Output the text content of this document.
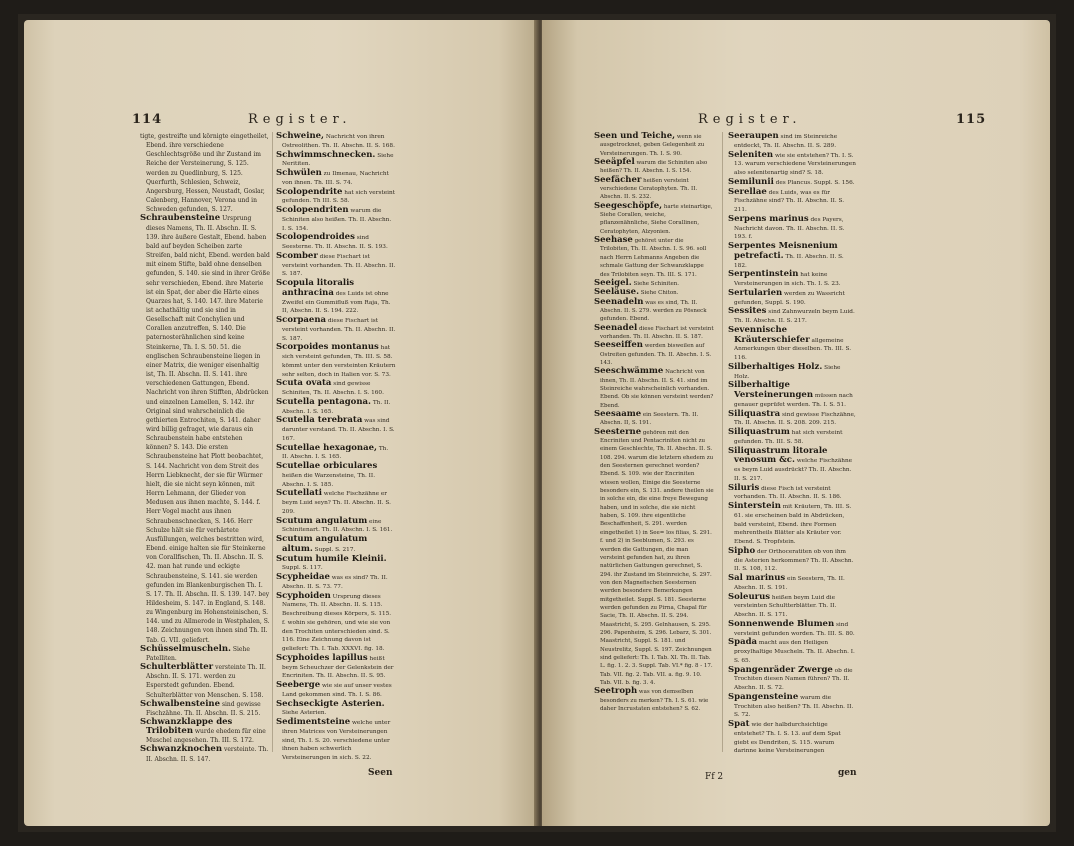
114	Register.

tigte, gestreifte und körnigte eingetheilet, Ebend. ihre verschiedene Geschlechtsgröße und ihr Zustand im Reiche der Versteinerung, S. 125. werden zu Quedlinburg, S. 125. Querfurth, Schlesien, Schweiz, Angersburg, Hessen, Neustadt, Goslar, Calenberg, Hannover, Verona und in Schweden gefunden, S. 127.

Schraubensteine Ursprung dieses Namens, Th. II. Abschn. II. S. 139. ihre äußere Gestalt, Ebend. haben bald auf beyden Scheiben zarte Streifen, bald nicht, Ebend. werden bald mit einem Stifte, bald ohne denselben gefunden, S. 140. sie sind in ihrer Größe sehr verschieden, Ebend. ihre Materie ist ein Spat, der aber die Härte eines Quarzes hat, S. 140. 147. ihre Materie ist achathältig und sie sind in Gesellschaft mit Conchylien und Corallen anzutreffen, S. 140. Die paternosterähnlichen sind keine Steinkerne, Th. I. S. 50. 51. die englischen Schraubensteine liegen in einer Matrix, die weniger eisenhaltig ist, Th. II. Abschn. II. S. 141. ihre verschiedenen Gattungen, Ebend. Nachricht von ihren Stifften, Abdrücken und einzelnen Lamellen, S. 142. ihr Original sind wahrscheinlich die gethierten Entrochiten, S. 141. daher wird billig gefraget, wie daraus ein Schraubenstein habe entstehen können? S. 143. Die ersten Schraubensteine hat Plott beobachtet, S. 144. Nachricht von dem Streit des Herrn Liebknecht, der sie für Würmer hielt, die sie nicht seyn können, mit Herrn Lehmann, der Glieder von Medusen aus ihnen machte, S. 144. f. Herr Vogel macht aus ihnen Schraubenschnecken, S. 146. Herr Schulze hält sie für verhärtete Ausfüllungen, welches bestritten wird, Ebend. einige halten sie für Steinkerne von Corallfischen, Th. II. Abschn. II. S. 42. man hat runde und eckigte Schraubensteine, S. 141. sie werden gefunden im Blankenburgischen Th. I. S. 17. Th. II. Abschn. II. S. 139. 147. bey Hildesheim, S. 147. in England, S. 148. zu Wingenburg im Hohensteinischen, S. 144. und zu Allmerode in Westphalen, S. 148. Zeichnungen von ihnen sind Th. II. Tab. G. VII. geliefert.

Schüsselmuscheln. Siehe Patelliten.

Schulterblätter versteinte Th. II. Abschn. II. S. 171. werden zu Esperstedt gefunden. Ebend. Schulterblätter von Menschen. S. 158.

Schwalbensteine sind gewisse Fischzähne. Th. II. Abschn. II. S. 215.

Schwanzklappe des Trilobiten wurde ehedem für eine Muschel angesehen. Th. III. S. 172.

Schwanzknochen versteinte. Th. II. Abschn. II. S. 147.

Schweine, Nachricht von ihren Ostreolithen. Th. II. Abschn. II. S. 168.

Schwimmschnecken. Siehe Nerititen.

Schwülen zu Ilmenau, Nachricht von ihnen. Th. III. S. 74.

Scolopendrite hat sich versteint gefunden. Th III. S. 58.

Scolopendriten warum die Schiniten also heißen. Th. II. Abschn. I. S. 154.

Scolopendroides sind Seesterne. Th. II. Abschn. II. S. 193.

Scomber diese Fischart ist versteint vorhanden. Th. II. Abschn. II. S. 187.

Scopula litoralis anthracina des Luids ist ohne Zweifel ein Gummifluß vom Raja, Th. II, Abschn. II. S. 194. 222.

Scorpaena diese Fischart ist versteint vorhanden. Th. II. Abschn. II. S. 187.

Scorpoides montanus hat sich versteint gefunden, Th. III. S. 58. kömmt unter den versteinten Kräutern sehr selten, doch in Italien vor. S. 73.

Scuta ovata sind gewisse Schiniten, Th. II. Abschn. I. S. 160.

Scutella pentagona. Th. II. Abschn. I. S. 165.

Scutella terebrata was sind darunter verstand. Th. II. Abschn. I. S. 167.

Scutellae hexagonae, Th. II. Abschn. I. S. 165.

Scutellae orbiculares heißen die Warzensteine, Th. II. Abschn. I. S. 185.

Scutellati welche Fischzähne er beym Luid seyn? Th. II. Abschn. II. S. 209.

Scutum angulatum eine Schinitenart. Th. II. Abschn. I. S. 161.

Scutum angulatum altum. Suppl. S. 217.

Scutum humile Kleinii. Suppl. S. 117.

Scypheidae was es sind? Th. II. Abschn. II. S. 73. 77.

Scyphoiden Ursprung dieses Namens, Th. II. Abschn. II. S. 115. Beschreibung dieses Körpers, S. 115. f. wohin sie gehören, und wie sie von den Trochiten unterschieden sind. S. 116. Eine Zeichnung davon ist geliefert: Th. I. Tab. XXXVI. fig. 18.

Scyphoides lapillus heißt beym Scheuchzer der Gelenkstein der Encriniten. Th. II. Abschn. II. S. 95.

Seeberge wie sie auf unser vestes Land gekommen sind. Th. I. S. 86.

Sechseckigte Asterien. Siehe Asterien.

Sedimentsteine welche unter ihren Matrices von Versteinerungen sind, Th. I. S. 20. verschiedene unter ihnen haben schwerlich Versteinerungen in sich. S. 22.

Seen
Register.	115

Seen und Teiche, wenn sie ausgetrocknet, geben Gelegenheit zu Versteinerungen. Th. I. S. 90.

Seeäpfel warum die Schiniten also heißen? Th. II. Abschn. I. S. 154.

Seefächer heißen versteint verschiedene Ceratophyten. Th. II. Abschn. II. S. 232.

Seegeschöpfe, harte steinartige, Siehe Corallen, weiche, pflanzenähnliche, Siehe Corallinen, Ceratophyten, Alzyonien.

Seehase gehöret unter die Trilobiten, Th. II. Abschn. I. S. 96. soll nach Herrn Lehmanns Angeben die schmale Gattung der Schwanzklappe des Trilobiten seyn. Th. III. S. 171.

Seeigel. Siehe Schiniten.

Seeläuse. Siehe Chiton.

Seenadeln was es sind, Th. II. Abschn. II. S. 279. werden zu Pösneck gefunden. Ebend.

Seenadel diese Fischart ist versteint vorhanden. Th. II. Abschn. II. S. 187.

Seeseiffen werden bisweilen auf Ostreiten gefunden. Th. II. Abschn. I. S. 143.

Seeschwämme Nachricht von ihnen, Th. II. Abschn. II. S. 41. sind im Steinreiche wahrscheinlich vorhanden. Ebend. Ob sie können versteint werden? Ebend.

Seesaame ein Seestern. Th. II. Abschn. II, S. 191.

Seesterne gehören mit den Encriniten und Pentacriniten nicht zu einem Geschlechte, Th. II. Abschn. II. S. 108. 294. warum die letztern ehedem zu den Seesternen gerechnet worden? Ebend. S. 109. wie der Encriniten wissen wollen, Einige die Seesterne besonders ein, S. 131. andere theilen sie in solche ein, die eine freye Bewegung haben, und in solche, die sie nicht haben, S. 109. ihre eigentliche Beschaffenheit, S. 291. werden eingetheilet 1) in See= los filias, S. 291. f. und 2) in Seeblumen, S. 293. es werden die Gattungen, die man versteint gefunden hat, zu ihren natürlichen Gattungen gerechnet, S. 294. ihr Zustand im Steinreiche, S. 297. von den Magnefischen Seesternen werden besondere Bemerkungen mitgetheilet. Suppl. S. 181. Seesterne werden gefunden zu Pirna, Chapal für Sacie, Th. II. Abschn. II. S. 294. Maastricht, S. 295. Gelnhausen, S. 295. 296. Papenheim, S. 296. Lebarz, S. 301. Maastricht, Suppl. S. 181. und Neustrelitz, Suppl. S. 197. Zeichnungen sind geliefert: Th. I. Tab. XI. Th. II. Tab. L. fig. 1. 2. 3. Suppl. Tab. VI.* fig. 8 - 17. Tab. VII. fig. 2. Tab. VII. a. fig. 9. 10. Tab. VII. b. fig. 3. 4.

Seetroph was von demselben besonders zu merken? Th. I. S. 61. wie daher Incrustaten entstehen? S. 62.

Seeraupen sind im Steinreiche entdeckt, Th. II. Abschn. II. S. 289.

Seleniten wie sie entstehen? Th. I. S. 13. warum verschiedene Versteinerungen also selenitenartig sind? S. 18.

Semilunii des Plancus. Suppl. S. 156.

Serellae des Luids, was es für Fischzähne sind? Th. II. Abschn. II. S. 211.

Serpens marinus des Payers, Nachricht davon. Th. II. Abschn. II. S. 193. f.

Serpentes Meisnenium petrefacti. Th. II. Abschn. II. S. 182.

Serpentinstein hat keine Versteinerungen in sich. Th. I. S. 23.

Sertularien werden zu Wassricht gefunden, Suppl. S. 190.

Sessites sind Zahnwurzeln beym Luid. Th. II. Abschn. II. S. 217.

Sevennische Kräuterschiefer allgemeine Anmerkungen über dieselben. Th. III. S. 116.

Silberhaltiges Holz. Siehe Holz.

Silberhaltige Versteinerungen müssen nach genauer geprüfet werden. Th. I. S. 51.

Siliquastra sind gewisse Fischzähne, Th. II. Abschn. II. S. 208. 209. 215.

Siliquastrum hat sich versteint gefunden. Th. III. S. 58.

Siliquastrum litorale venosum &c. welche Fischzähne es beym Luid ausdrückt? Th. II. Abschn. II. S. 217.

Siluris diese Fisch ist versteint vorhanden. Th. II. Abschn. II. S. 186.

Sinterstein mit Kräutern, Th. III. S. 61. sie erscheinen bald in Abdrücken, bald versteint, Ebend. ihre Formen mehrentheils Blätter als Kräuter vor. Ebend. S. Tropfstein.

Sipho der Orthoceratiten ob von ihm die Asterien herkommen? Th. II. Abschn. II. S. 108, 112.

Sal marinus ein Seestern, Th. II. Abschn. II. S. 191.

Soleurus heißen beym Luid die versteinten Schultterblätter. Th. II. Abschn. II. S. 171.

Sonnenwende Blumen sind versteint gefunden worden. Th. III. S. 80.

Spada macht aus den Heiligen proxylhaltige Muscheln. Th. II. Abschn. I. S. 65.

Spangenräder Zwerge ob die Trochiten diesen Namen führen? Th. II. Abschn. II. S. 72.

Spangensteine warum die Trochiten also heißen? Th. II. Abschn. II. S. 72.

Spat wie der halbdurchsichtige entstehet? Th. I. S. 13. auf dem Spat giebt es Dendriten, S. 115. warum darinne keine Versteinerungen

Ff 2	gen
